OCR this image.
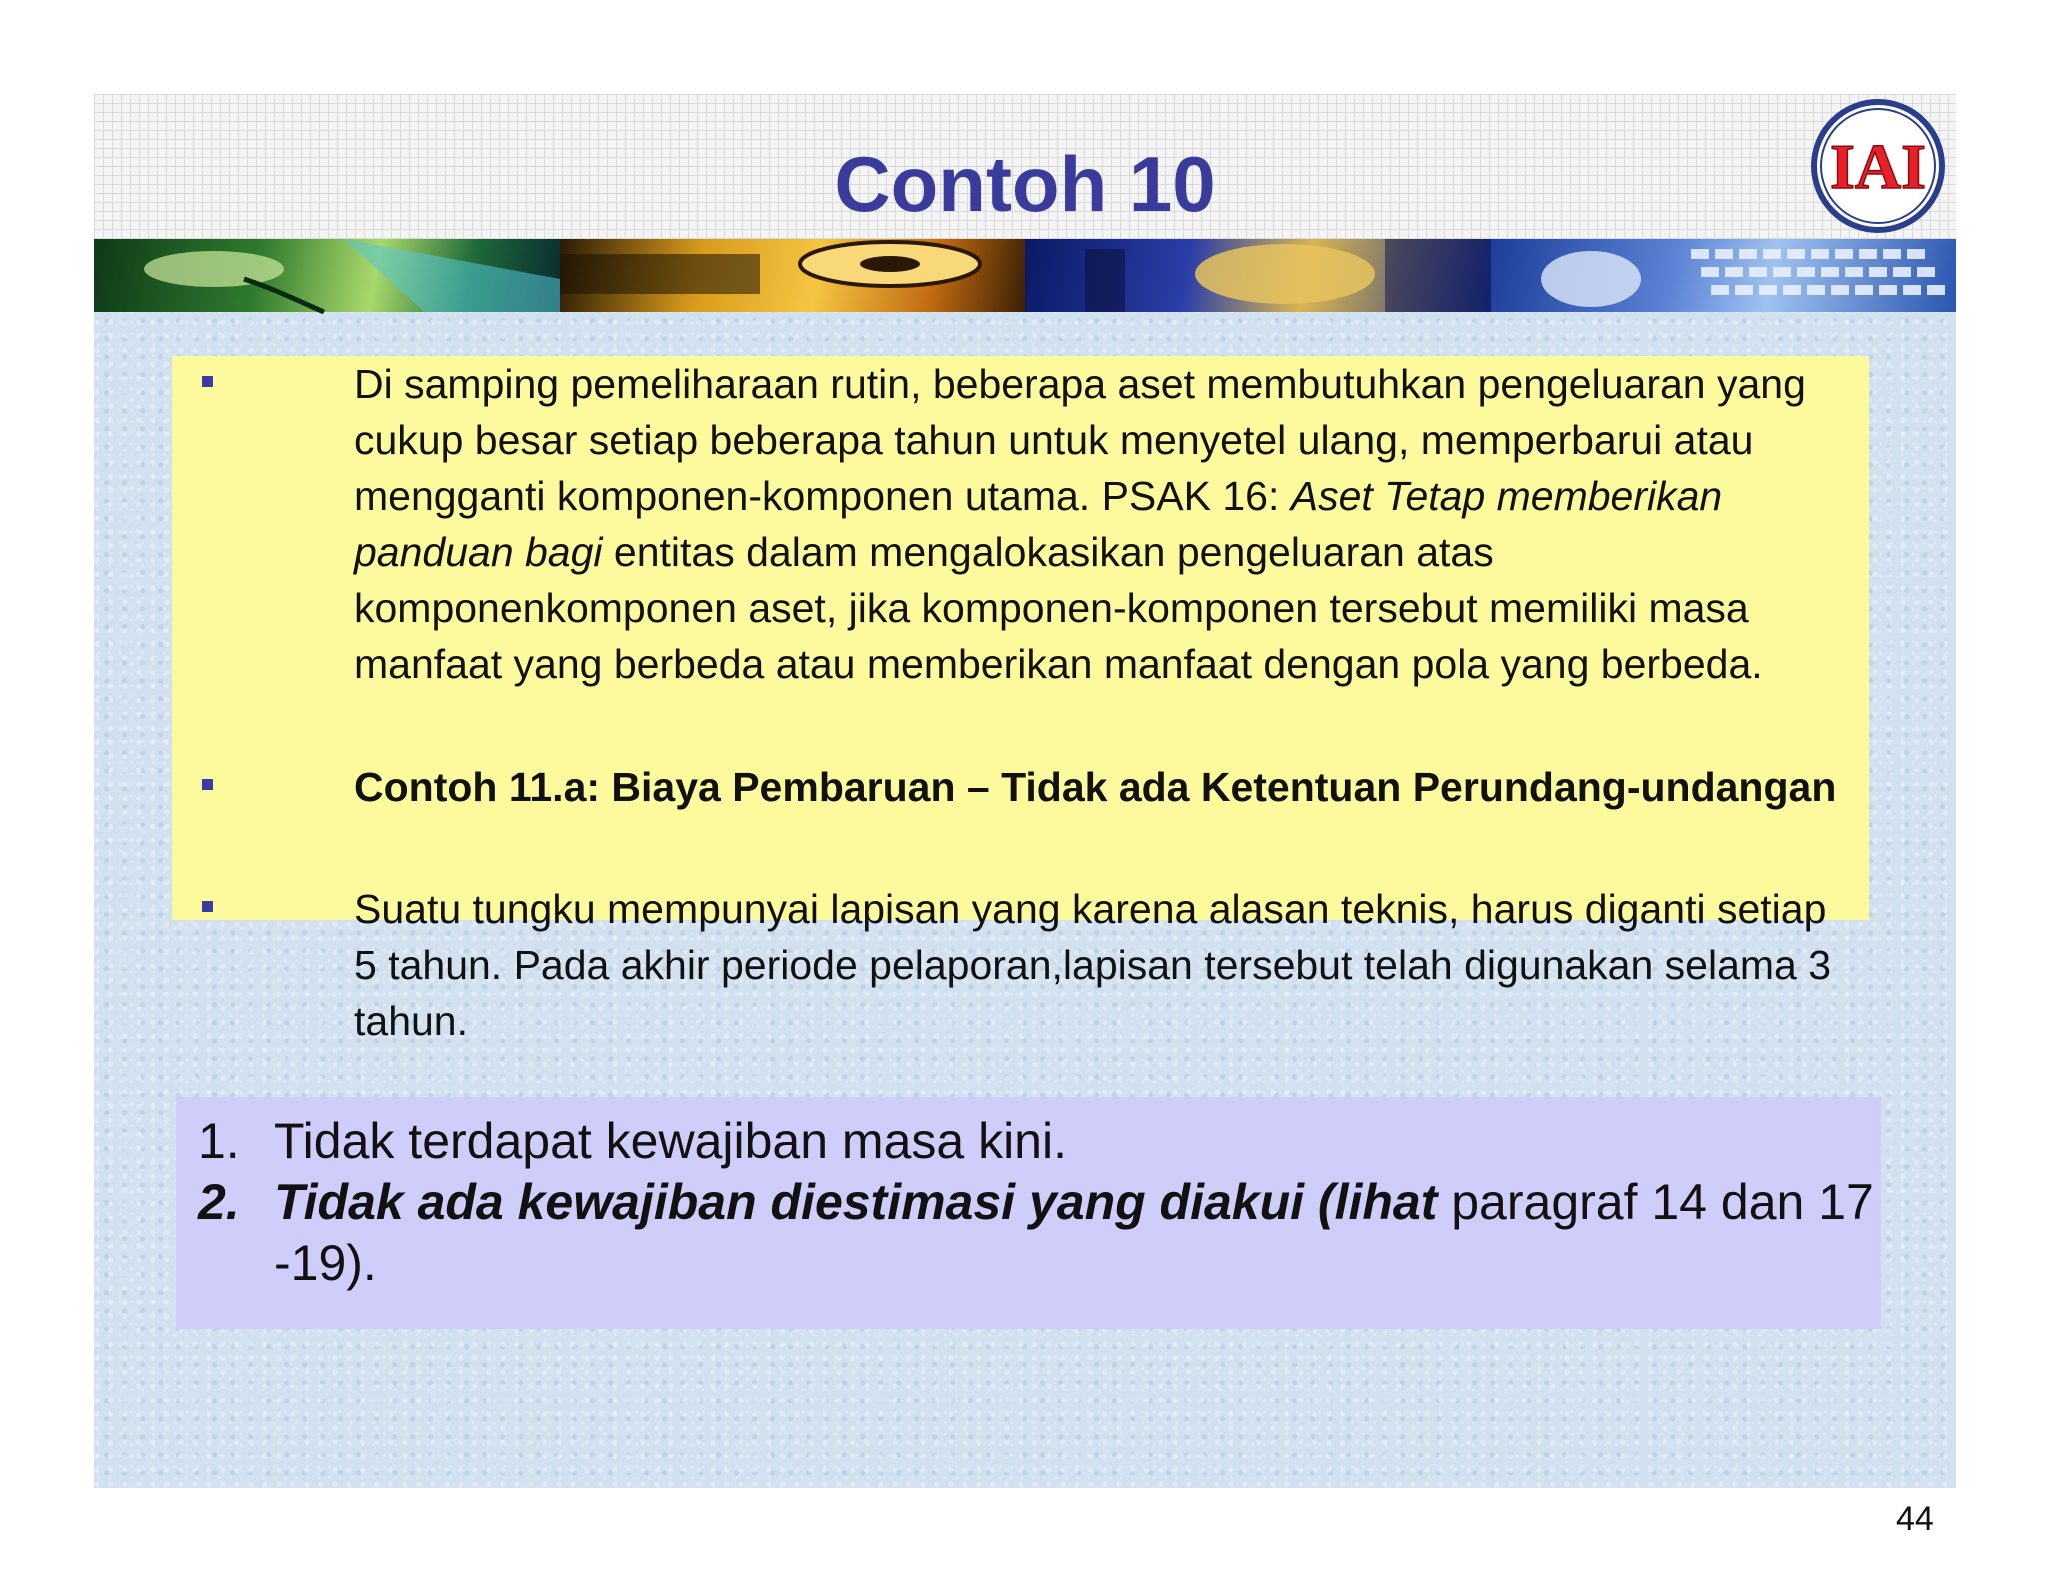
Contoh 10	IAI

Di samping pemeliharaan rutin, beberapa aset membutuhkan pengeluaran yang cukup besar setiap beberapa tahun untuk menyetel ulang, memperbarui atau mengganti komponen-komponen utama. PSAK 16: Aset Tetap memberikan panduan bagi entitas dalam mengalokasikan pengeluaran atas komponenkomponen aset, jika komponen-komponen tersebut memiliki masa manfaat yang berbeda atau memberikan manfaat dengan pola yang berbeda.

Contoh 11.a: Biaya Pembaruan – Tidak ada Ketentuan Perundang-undangan

Suatu tungku mempunyai lapisan yang karena alasan teknis, harus diganti setiap 5 tahun. Pada akhir periode pelaporan,lapisan tersebut telah digunakan selama 3 tahun.

1. Tidak terdapat kewajiban masa kini.
2. Tidak ada kewajiban diestimasi yang diakui (lihat paragraf 14 dan 17 -19).
44
